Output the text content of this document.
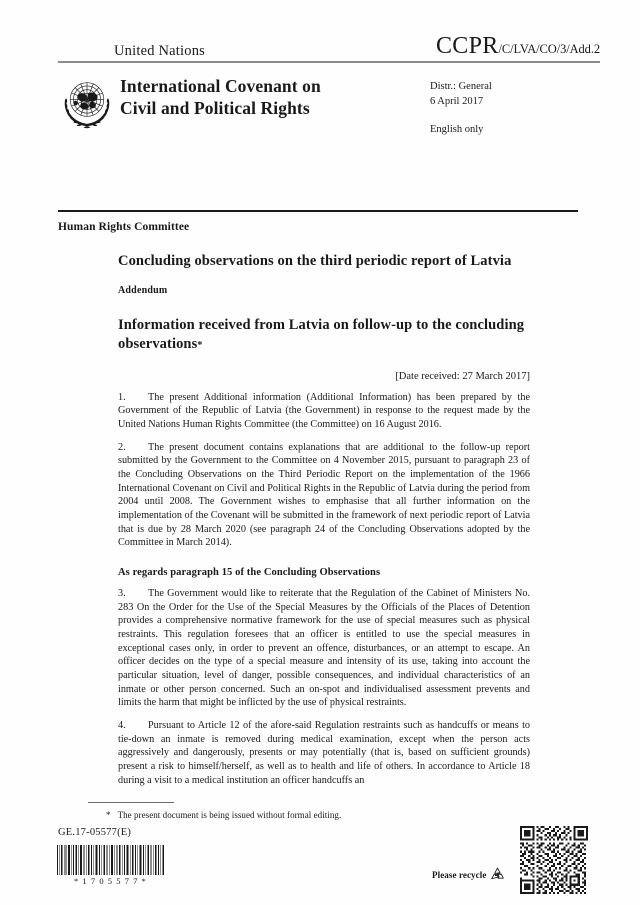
United Nations	CCPR /C/LVA/CO/3/Add.2
International Covenant on
Civil and Political Rights
Distr.: General
6 April 2017
English only
Human Rights Committee
Concluding observations on the third periodic report of Latvia
Addendum
Information received from Latvia on follow-up to the concluding observations*
[Date received: 27 March 2017]

1. The present Additional information (Additional Information) has been prepared by the Government of the Republic of Latvia (the Government) in response to the request made by the United Nations Human Rights Committee (the Committee) on 16 August 2016.

2. The present document contains explanations that are additional to the follow-up report submitted by the Government to the Committee on 4 November 2015, pursuant to paragraph 23 of the Concluding Observations on the Third Periodic Report on the implementation of the 1966 International Covenant on Civil and Political Rights in the Republic of Latvia during the period from 2004 until 2008. The Government wishes to emphasise that all further information on the implementation of the Covenant will be submitted in the framework of next periodic report of Latvia that is due by 28 March 2020 (see paragraph 24 of the Concluding Observations adopted by the Committee in March 2014).

As regards paragraph 15 of the Concluding Observations

3. The Government would like to reiterate that the Regulation of the Cabinet of Ministers No. 283 On the Order for the Use of the Special Measures by the Officials of the Places of Detention provides a comprehensive normative framework for the use of special measures such as physical restraints. This regulation foresees that an officer is entitled to use the special measures in exceptional cases only, in order to prevent an offence, disturbances, or an attempt to escape. An officer decides on the type of a special measure and intensity of its use, taking into account the particular situation, level of danger, possible consequences, and individual characteristics of an inmate or other person concerned. Such an on-spot and individualised assessment prevents and limits the harm that might be inflicted by the use of physical restraints.

4. Pursuant to Article 12 of the afore-said Regulation restraints such as handcuffs or means to tie-down an inmate is removed during medical examination, except when the person acts aggressively and dangerously, presents or may potentially (that is, based on sufficient grounds) present a risk to himself/herself, as well as to health and life of others. In accordance to Article 18 during a visit to a medical institution an officer handcuffs an

* The present document is being issued without formal editing.
GE.17-05577(E)
*1705577*
Please recycle
